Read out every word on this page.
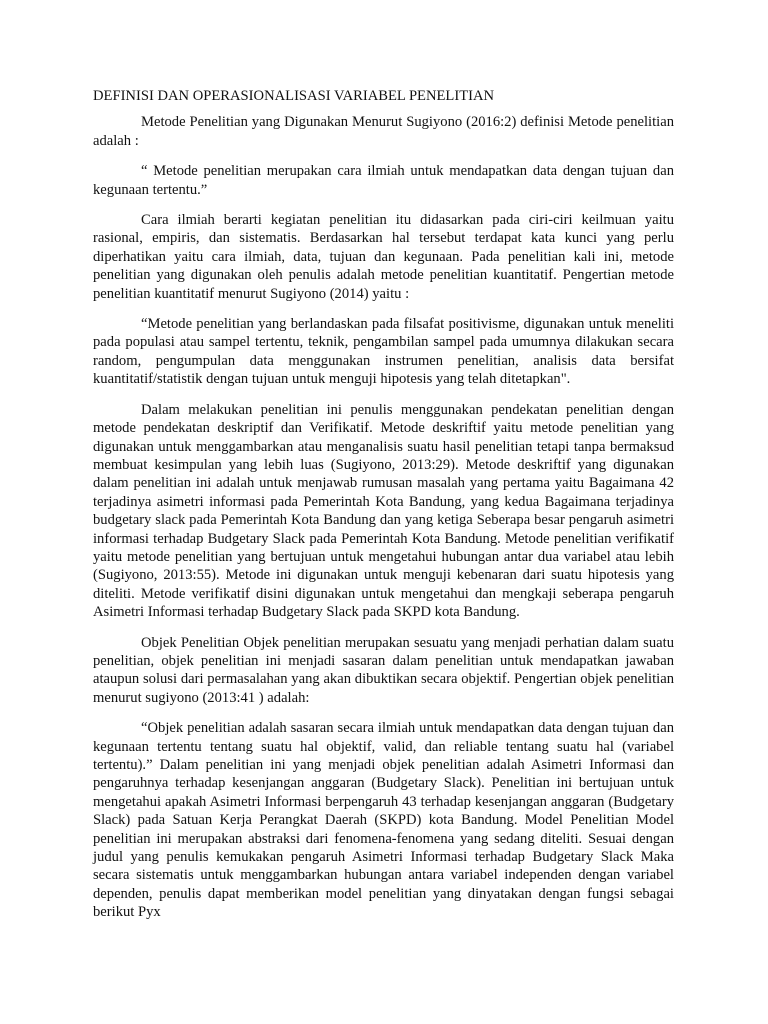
DEFINISI DAN OPERASIONALISASI VARIABEL PENELITIAN

Metode Penelitian yang Digunakan Menurut Sugiyono (2016:2) definisi Metode penelitian adalah :

“ Metode penelitian merupakan cara ilmiah untuk mendapatkan data dengan tujuan dan kegunaan tertentu.”

Cara ilmiah berarti kegiatan penelitian itu didasarkan pada ciri-ciri keilmuan yaitu rasional, empiris, dan sistematis. Berdasarkan hal tersebut terdapat kata kunci yang perlu diperhatikan yaitu cara ilmiah, data, tujuan dan kegunaan. Pada penelitian kali ini, metode penelitian yang digunakan oleh penulis adalah metode penelitian kuantitatif. Pengertian metode penelitian kuantitatif menurut Sugiyono (2014) yaitu :

“Metode penelitian yang berlandaskan pada filsafat positivisme, digunakan untuk meneliti pada populasi atau sampel tertentu, teknik, pengambilan sampel pada umumnya dilakukan secara random, pengumpulan data menggunakan instrumen penelitian, analisis data bersifat kuantitatif/statistik dengan tujuan untuk menguji hipotesis yang telah ditetapkan".

Dalam melakukan penelitian ini penulis menggunakan pendekatan penelitian dengan metode pendekatan deskriptif dan Verifikatif. Metode deskriftif yaitu metode penelitian yang digunakan untuk menggambarkan atau menganalisis suatu hasil penelitian tetapi tanpa bermaksud membuat kesimpulan yang lebih luas (Sugiyono, 2013:29). Metode deskriftif yang digunakan dalam penelitian ini adalah untuk menjawab rumusan masalah yang pertama yaitu Bagaimana 42 terjadinya asimetri informasi pada Pemerintah Kota Bandung, yang kedua Bagaimana terjadinya budgetary slack pada Pemerintah Kota Bandung dan yang ketiga Seberapa besar pengaruh asimetri informasi terhadap Budgetary Slack pada Pemerintah Kota Bandung. Metode penelitian verifikatif yaitu metode penelitian yang bertujuan untuk mengetahui hubungan antar dua variabel atau lebih (Sugiyono, 2013:55). Metode ini digunakan untuk menguji kebenaran dari suatu hipotesis yang diteliti. Metode verifikatif disini digunakan untuk mengetahui dan mengkaji seberapa pengaruh Asimetri Informasi terhadap Budgetary Slack pada SKPD kota Bandung.

Objek Penelitian Objek penelitian merupakan sesuatu yang menjadi perhatian dalam suatu penelitian, objek penelitian ini menjadi sasaran dalam penelitian untuk mendapatkan jawaban ataupun solusi dari permasalahan yang akan dibuktikan secara objektif. Pengertian objek penelitian menurut sugiyono (2013:41 ) adalah:

“Objek penelitian adalah sasaran secara ilmiah untuk mendapatkan data dengan tujuan dan kegunaan tertentu tentang suatu hal objektif, valid, dan reliable tentang suatu hal (variabel tertentu).” Dalam penelitian ini yang menjadi objek penelitian adalah Asimetri Informasi dan pengaruhnya terhadap kesenjangan anggaran (Budgetary Slack). Penelitian ini bertujuan untuk mengetahui apakah Asimetri Informasi berpengaruh 43 terhadap kesenjangan anggaran (Budgetary Slack) pada Satuan Kerja Perangkat Daerah (SKPD) kota Bandung. Model Penelitian Model penelitian ini merupakan abstraksi dari fenomena-fenomena yang sedang diteliti. Sesuai dengan judul yang penulis kemukakan pengaruh Asimetri Informasi terhadap Budgetary Slack Maka secara sistematis untuk menggambarkan hubungan antara variabel independen dengan variabel dependen, penulis dapat memberikan model penelitian yang dinyatakan dengan fungsi sebagai berikut Pyx
